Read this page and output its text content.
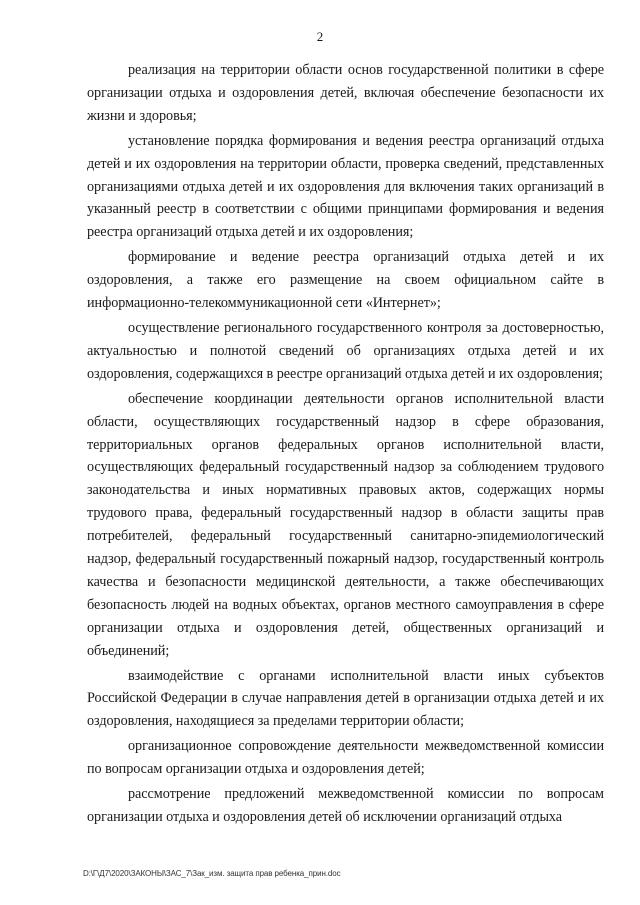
2

реализация на территории области основ государственной политики в сфере организации отдыха и оздоровления детей, включая обеспечение безопасности их жизни и здоровья;

установление порядка формирования и ведения реестра организаций отдыха детей и их оздоровления на территории области, проверка сведений, представленных организациями отдыха детей и их оздоровления для включения таких организаций в указанный реестр в соответствии с общими принципами формирования и ведения реестра организаций отдыха детей и их оздоровления;

формирование и ведение реестра организаций отдыха детей и их оздоровления, а также его размещение на своем официальном сайте в информационно-телекоммуникационной сети «Интернет»;

осуществление регионального государственного контроля за достоверностью, актуальностью и полнотой сведений об организациях отдыха детей и их оздоровления, содержащихся в реестре организаций отдыха детей и их оздоровления;

обеспечение координации деятельности органов исполнительной власти области, осуществляющих государственный надзор в сфере образования, территориальных органов федеральных органов исполнительной власти, осуществляющих федеральный государственный надзор за соблюдением трудового законодательства и иных нормативных правовых актов, содержащих нормы трудового права, федеральный государственный надзор в области защиты прав потребителей, федеральный государственный санитарно-эпидемиологический надзор, федеральный государственный пожарный надзор, государственный контроль качества и безопасности медицинской деятельности, а также обеспечивающих безопасность людей на водных объектах, органов местного самоуправления в сфере организации отдыха и оздоровления детей, общественных организаций и объединений;

взаимодействие с органами исполнительной власти иных субъектов Российской Федерации в случае направления детей в организации отдыха детей и их оздоровления, находящиеся за пределами территории области;

организационное сопровождение деятельности межведомственной комиссии по вопросам организации отдыха и оздоровления детей;

рассмотрение предложений межведомственной комиссии по вопросам организации отдыха и оздоровления детей об исключении организаций отдыха

D:\Г\Д7\2020\ЗАКОНЫ\ЗАС_7\Зак_изм. защита прав ребенка_прин.doc
